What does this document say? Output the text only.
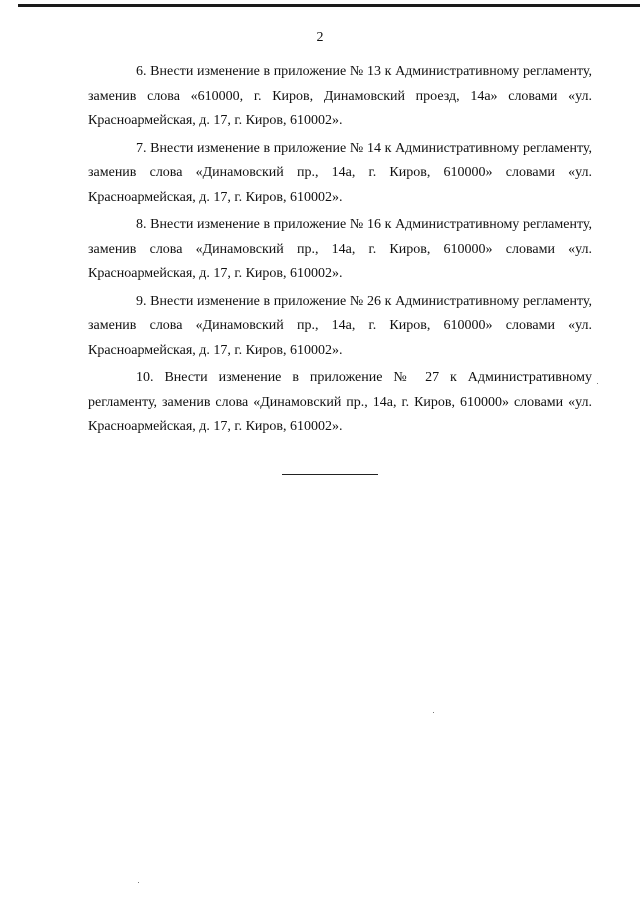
2

6. Внести изменение в приложение № 13 к Административному регламенту, заменив слова «610000, г. Киров, Динамовский проезд, 14а» словами «ул. Красноармейская, д. 17, г. Киров, 610002».

7. Внести изменение в приложение № 14 к Административному регламенту, заменив слова «Динамовский пр., 14а, г. Киров, 610000» словами «ул. Красноармейская, д. 17, г. Киров, 610002».

8. Внести изменение в приложение № 16 к Административному регламенту, заменив слова «Динамовский пр., 14а, г. Киров, 610000» словами «ул. Красноармейская, д. 17, г. Киров, 610002».

9. Внести изменение в приложение № 26 к Административному регламенту, заменив слова «Динамовский пр., 14а, г. Киров, 610000» словами «ул. Красноармейская, д. 17, г. Киров, 610002».

10. Внести изменение в приложение № 27 к Административному регламенту, заменив слова «Динамовский пр., 14а, г. Киров, 610000» словами «ул. Красноармейская, д. 17, г. Киров, 610002».
